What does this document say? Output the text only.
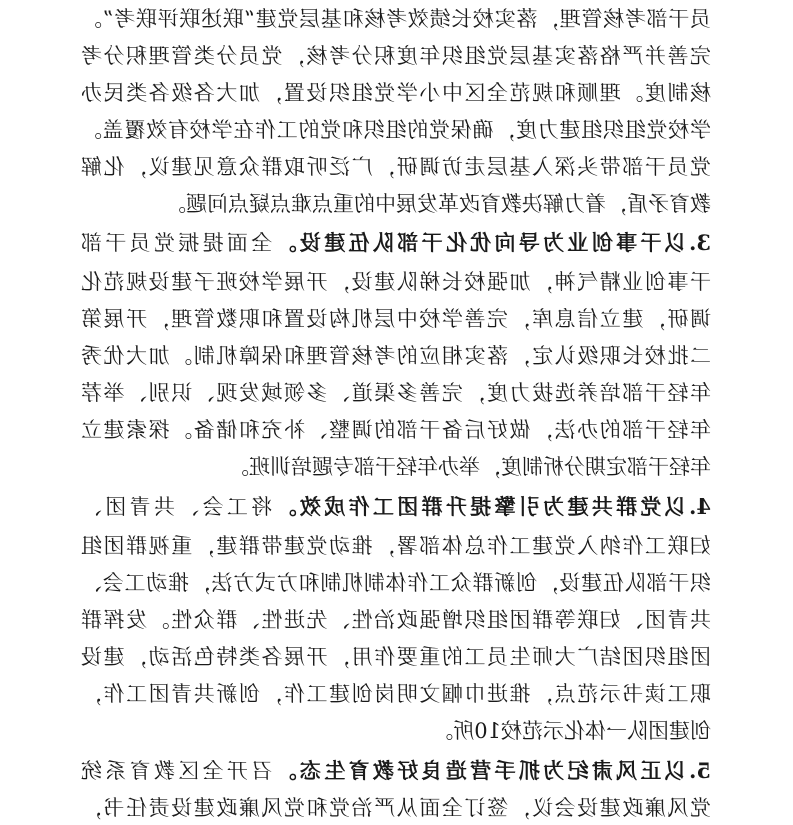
员干部考核管理，落实校长绩效考核和基层党建“联述联评联考”。
完善并严格落实基层党组织年度积分考核，党员分类管理积分考
核制度。理顺和规范全区中小学党组织设置，加大各级各类民办
学校党组织组建力度，确保党的组织和党的工作在学校有效覆盖。
党员干部带头深入基层走访调研，广泛听取群众意见建议，化解
教育矛盾，着力解决教育改革发展中的重点难点疑点问题。
3.以干事创业为导向优化干部队伍建设。全面提振党员干部
干事创业精气神，加强校长梯队建设，开展学校班子建设规范化
调研，建立信息库，完善学校中层机构设置和职数管理，开展第
二批校长职级认定，落实相应的考核管理和保障机制。加大优秀
年轻干部培养选拔力度，完善多渠道、多领域发现、识别、举荐
年轻干部的办法，做好后备干部的调整、补充和储备。探索建立
年轻干部定期分析制度，举办年轻干部专题培训班。
4.以党群共建为引擎提升群团工作成效。将工会、共青团、
妇联工作纳入党建工作总体部署，推动党建带群建，重视群团组
织干部队伍建设，创新群众工作体制机制和方式方法，推动工会、
共青团、妇联等群团组织增强政治性、先进性、群众性。发挥群
团组织团结广大师生员工的重要作用，开展各类特色活动，建设
职工读书示范点，推进巾帼文明岗创建工作，创新共青团工作，
创建团队一体化示范校10所。
5.以正风肃纪为抓手营造良好教育生态。召开全区教育系统
党风廉政建设会议，签订全面从严治党和党风廉政建设责任书，
